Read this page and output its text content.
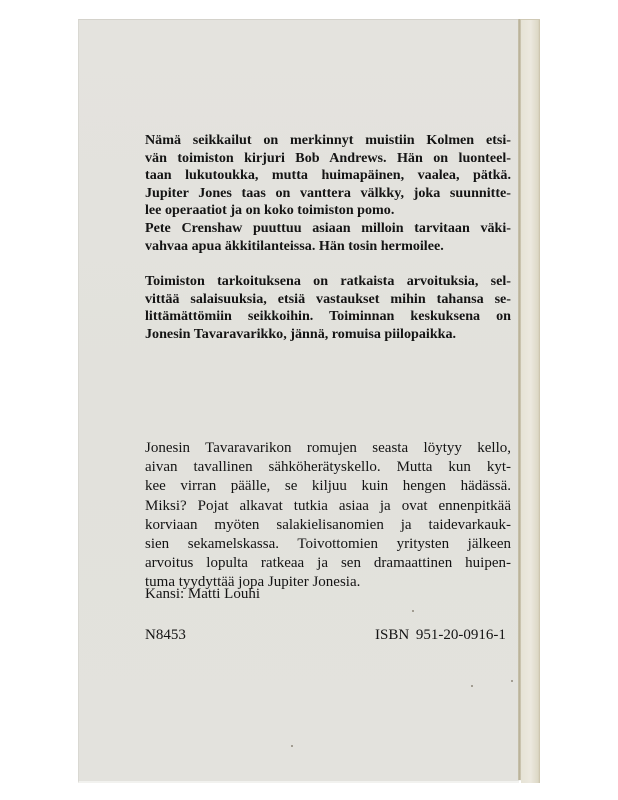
Nämä seikkailut on merkinnyt muistiin Kolmen etsi-
vän toimiston kirjuri Bob Andrews. Hän on luonteel-
taan lukutoukka, mutta huimapäinen, vaalea, pätkä.
Jupiter Jones taas on vanttera välkky, joka suunnitte-
lee operaatiot ja on koko toimiston pomo.
Pete Crenshaw puuttuu asiaan milloin tarvitaan väki-
vahvaa apua äkkitilanteissa. Hän tosin hermoilee.
Toimiston tarkoituksena on ratkaista arvoituksia, sel-
vittää salaisuuksia, etsiä vastaukset mihin tahansa se-
littämättömiin seikkoihin. Toiminnan keskuksena on
Jonesin Tavaravarikko, jännä, romuisa piilopaikka.
Jonesin Tavaravarikon romujen seasta löytyy kello,
aivan tavallinen sähköherätyskello. Mutta kun kyt-
kee virran päälle, se kiljuu kuin hengen hädässä.
Miksi? Pojat alkavat tutkia asiaa ja ovat ennenpitkää
korviaan myöten salakielisanomien ja taidevarkauk-
sien sekamelskassa. Toivottomien yritysten jälkeen
arvoitus lopulta ratkeaa ja sen dramaattinen huipen-
tuma tyydyttää jopa Jupiter Jonesia.
Kansi: Matti Louhi
N8453	ISBN 951-20-0916-1
